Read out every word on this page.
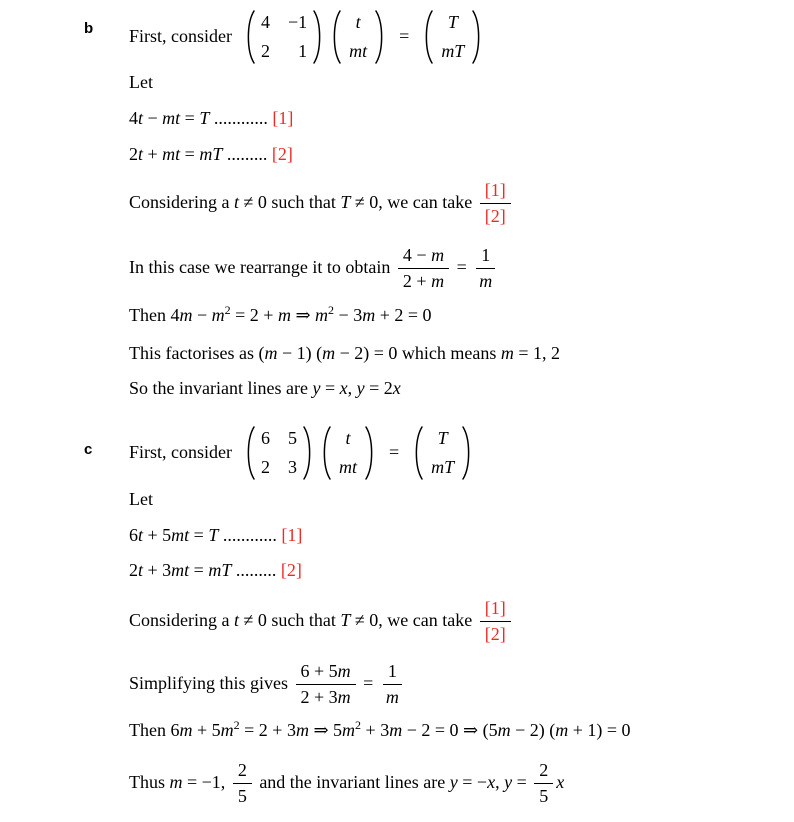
b First, consider
4 −1
2	1
t
mt
=
T
mT
Let
4t − mt = T ............ [1]
2t + mt = mT ......... [2]
Considering a t ≠ 0 such that T ≠ 0, we can take $\frac{[1]}{[2]}$
In this case we rearrange it to obtain $\frac{4 - m}{2 + m} = \frac{1}{m}$
Then $4m - m^2 = 2 + m$ ⇒ $m^2 - 3m + 2 = 0$
This factorises as (m − 1) (m − 2) = 0 which means m = 1, 2
So the invariant lines are y = x, y = 2x
c First, consider
6 5
2 3
t
mt
=
T
mT
Let
6t + 5mt = T ............ [1]
2t + 3mt = mT ......... [2]
Considering a t ≠ 0 such that T ≠ 0, we can take $\frac{[1]}{[2]}$
Simplifying this gives $\frac{6 + 5m}{2 + 3m} = \frac{1}{m}$
Then $6m + 5m^2 = 2 + 3m$ ⇒ $5m^2 + 3m - 2 = 0$ ⇒ (5m − 2) (m + 1) = 0
Thus m = −1, $\frac{2}{5}$ and the invariant lines are y = − x , $y = \frac{2}{5}$ x
